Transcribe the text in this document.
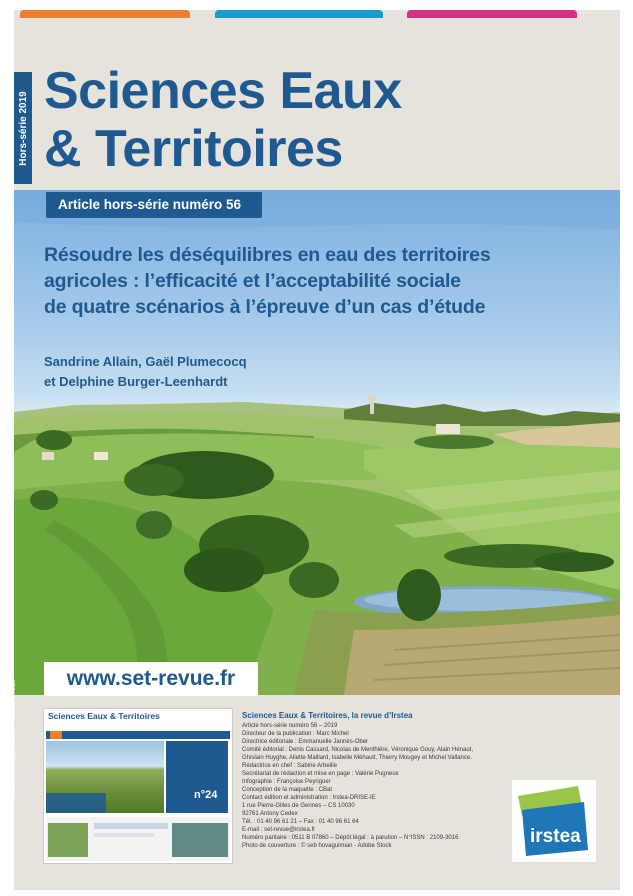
Hors-série 2019 Sciences Eaux
& Territoires
Article hors-série numéro 56
Résoudre les déséquilibres en eau des territoires
agricoles : l’efficacité et l’acceptabilité sociale
de quatre scénarios à l’épreuve d’un cas d’étude
Sandrine Allain, Gaël Plumecocq
et Delphine Burger-Leenhardt
© seb hovaguimian - Adobe Stock
www.set-revue.fr
Sciences Eaux & Territoires
n°24
Sciences Eaux & Territoires, la revue d’Irstea
Article hors-série numéro 56 – 2019
Directeur de la publication : Marc Michel
Directrice éditoriale : Emmanuelle Jannès-Ober
Comité éditorial : Denis Cassard, Nicolas de Menthière, Véronique Gouy, Alain Hénaut,
Ghislain Huyghe, Aliette Maillard, Isabelle Méhault, Thierry Mougey et Michel Vallance.
Rédactrice en chef : Sabine Arbeille
Secrétariat de rédaction et mise en page : Valérie Pugneux
Infographie : Françoise Peyriguer
Conception de la maquette : CBat
Contact édition et administration : Irstea-DRISE-IE
1 rue Pierre-Gilles de Gennes – CS 10030
92761 Antony Cedex
Tél. : 01 40 96 61 21 – Fax : 01 40 96 61 64
E-mail : set-revue@irstea.fr
Numéro paritaire : 0511 B 07860 – Dépôt légal : à parution – N°ISSN : 2109-3016
Photo de couverture : © seb hovaguimian - Adobe Stock	irstea
